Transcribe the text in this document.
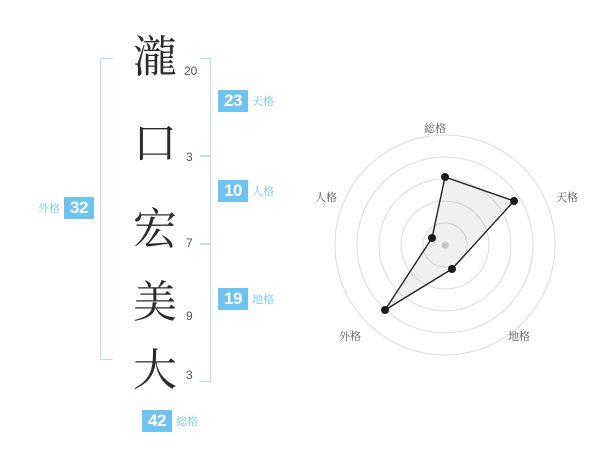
外格 32
瀧 20
口 3
宏 7
美 9
大 3
23 天格
10 人格
19 地格
42 総格
総格
天格
地格
外格
人格
